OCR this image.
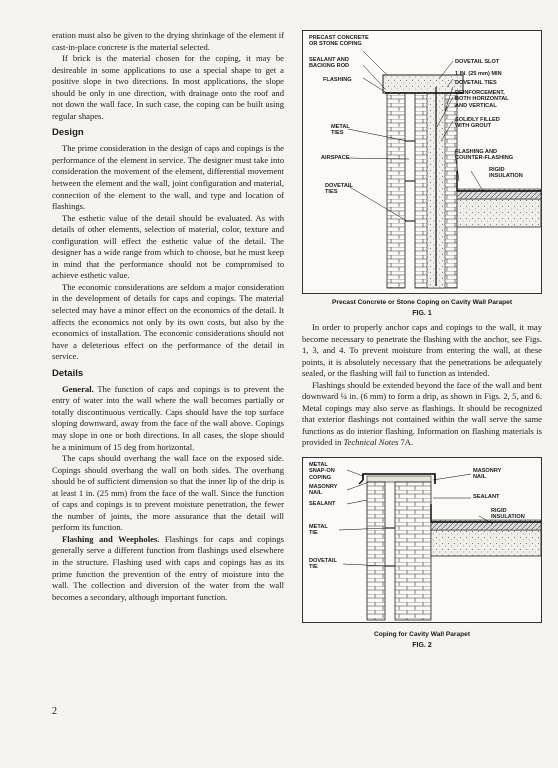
eration must also be given to the drying shrinkage of the element if cast-in-place concrete is the material selected.

If brick is the material chosen for the coping, it may be desireable in some applications to use a special shape to get a positive slope in two directions. In most applications, the slope should be only in one direction, with drainage onto the roof and not down the wall face. In such case, the coping can be built using regular shapes.

Design

The prime consideration in the design of caps and copings is the performance of the element in service. The designer must take into consideration the movement of the element, differential movement between the element and the wall, joint configuration and material, connection of the element to the wall, and type and location of flashings.

The esthetic value of the detail should be evaluated. As with details of other elements, selection of material, color, texture and configuration will effect the esthetic value of the detail. The designer has a wide range from which to choose, but he must keep in mind that the performance should not be compromised to achieve esthetic value.

The economic considerations are seldom a major consideration in the development of details for caps and copings. The material selected may have a minor effect on the economics of the detail. It affects the economics not only by its own costs, but also by the economics of installation. The economic considerations should not have a deleterious effect on the performance of the detail in service.

Details

General. The function of caps and copings is to prevent the entry of water into the wall where the wall becomes partially or totally discontinuous vertically. Caps should have the top surface sloping downward, away from the face of the wall above. Copings may slope in one or both directions. In all cases, the slope should be a minimum of 15 deg from horizontal.

The caps should overhang the wall face on the exposed side. Copings should overhang the wall on both sides. The overhang should be of sufficient dimension so that the inner lip of the drip is at least 1 in. (25 mm) from the face of the wall. Since the function of caps and copings is to prevent moisture penetration, the fewer the number of joints, the more assurance that the detail will perform its function.

Flashing and Weepholes. Flashings for caps and copings generally serve a different function from flashings used elsewhere in the structure. Flashing used with caps and copings has as its prime function the prevention of the entry of moisture into the wall. The collection and diversion of the water from the wall becomes a secondary, although important function.

PRECAST CONCRETE
OR STONE COPING
SEALANT AND
BACKING ROD
FLASHING
METAL
TIES
AIRSPACE
DOVETAIL
TIES
DOVETAIL SLOT
1 IN. (25 mm) MIN
DOVETAIL TIES
REINFORCEMENT,
BOTH HORIZONTAL
AND VERTICAL
SOLIDLY FILLED
WITH GROUT
FLASHING AND
COUNTER-FLASHING
RIGID
INSULATION
Precast Concrete or Stone Coping on Cavity Wall Parapet
FIG. 1

In order to properly anchor caps and copings to the wall, it may become necessary to penetrate the flashing with the anchor, see Figs. 1, 3, and 4. To prevent moisture from entering the wall, at these points, it is absolutely necessary that the penetrations be adequately sealed, or the flashing will fail to function as intended.

Flashings should be extended beyond the face of the wall and bent downward ¼ in. (6 mm) to form a drip, as shown in Figs. 2, 5, and 6. Metal copings may also serve as flashings. It should be recognized that exterior flashings not contained within the wall serve the same functions as do interior flashing. Information on flashing materials is provided in Technical Notes 7A.

METAL
SNAP-ON
COPING
MASONRY
NAIL
SEALANT
METAL
TIE
DOVETAIL
TIE
MASONRY
NAIL
SEALANT
RIGID
INSULATION
Coping for Cavity Wall Parapet
FIG. 2
2
